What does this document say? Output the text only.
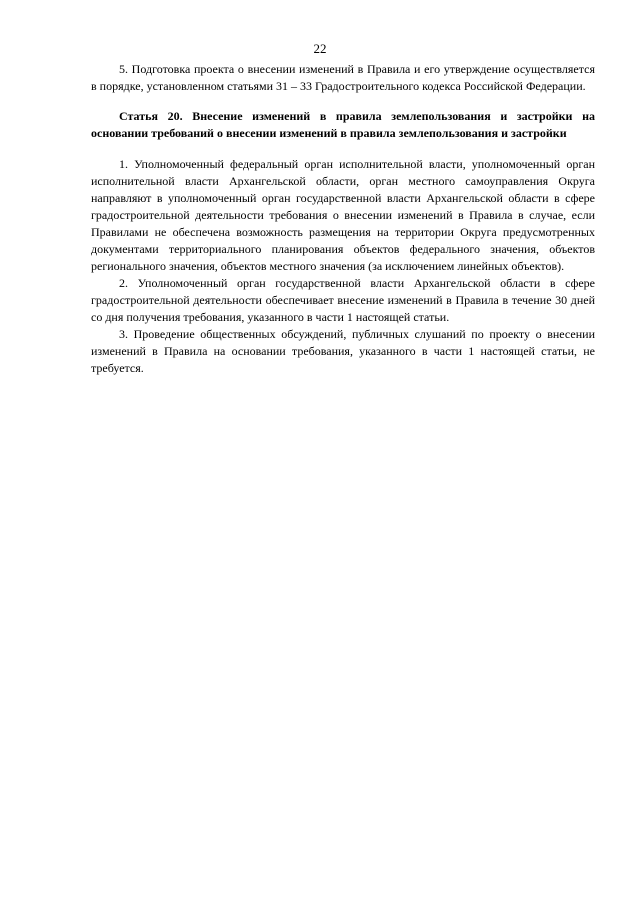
22

5. Подготовка проекта о внесении изменений в Правила и его утверждение осуществляется в порядке, установленном статьями 31 – 33 Градостроительного кодекса Российской Федерации.

Статья 20. Внесение изменений в правила землепользования и застройки на основании требований о внесении изменений в правила землепользования и застройки

1. Уполномоченный федеральный орган исполнительной власти, уполномоченный орган исполнительной власти Архангельской области, орган местного самоуправления Округа направляют в уполномоченный орган государственной власти Архангельской области в сфере градостроительной деятельности требования о внесении изменений в Правила в случае, если Правилами не обеспечена возможность размещения на территории Округа предусмотренных документами территориального планирования объектов федерального значения, объектов регионального значения, объектов местного значения (за исключением линейных объектов).

2. Уполномоченный орган государственной власти Архангельской области в сфере градостроительной деятельности обеспечивает внесение изменений в Правила в течение 30 дней со дня получения требования, указанного в части 1 настоящей статьи.

3. Проведение общественных обсуждений, публичных слушаний по проекту о внесении изменений в Правила на основании требования, указанного в части 1 настоящей статьи, не требуется.
